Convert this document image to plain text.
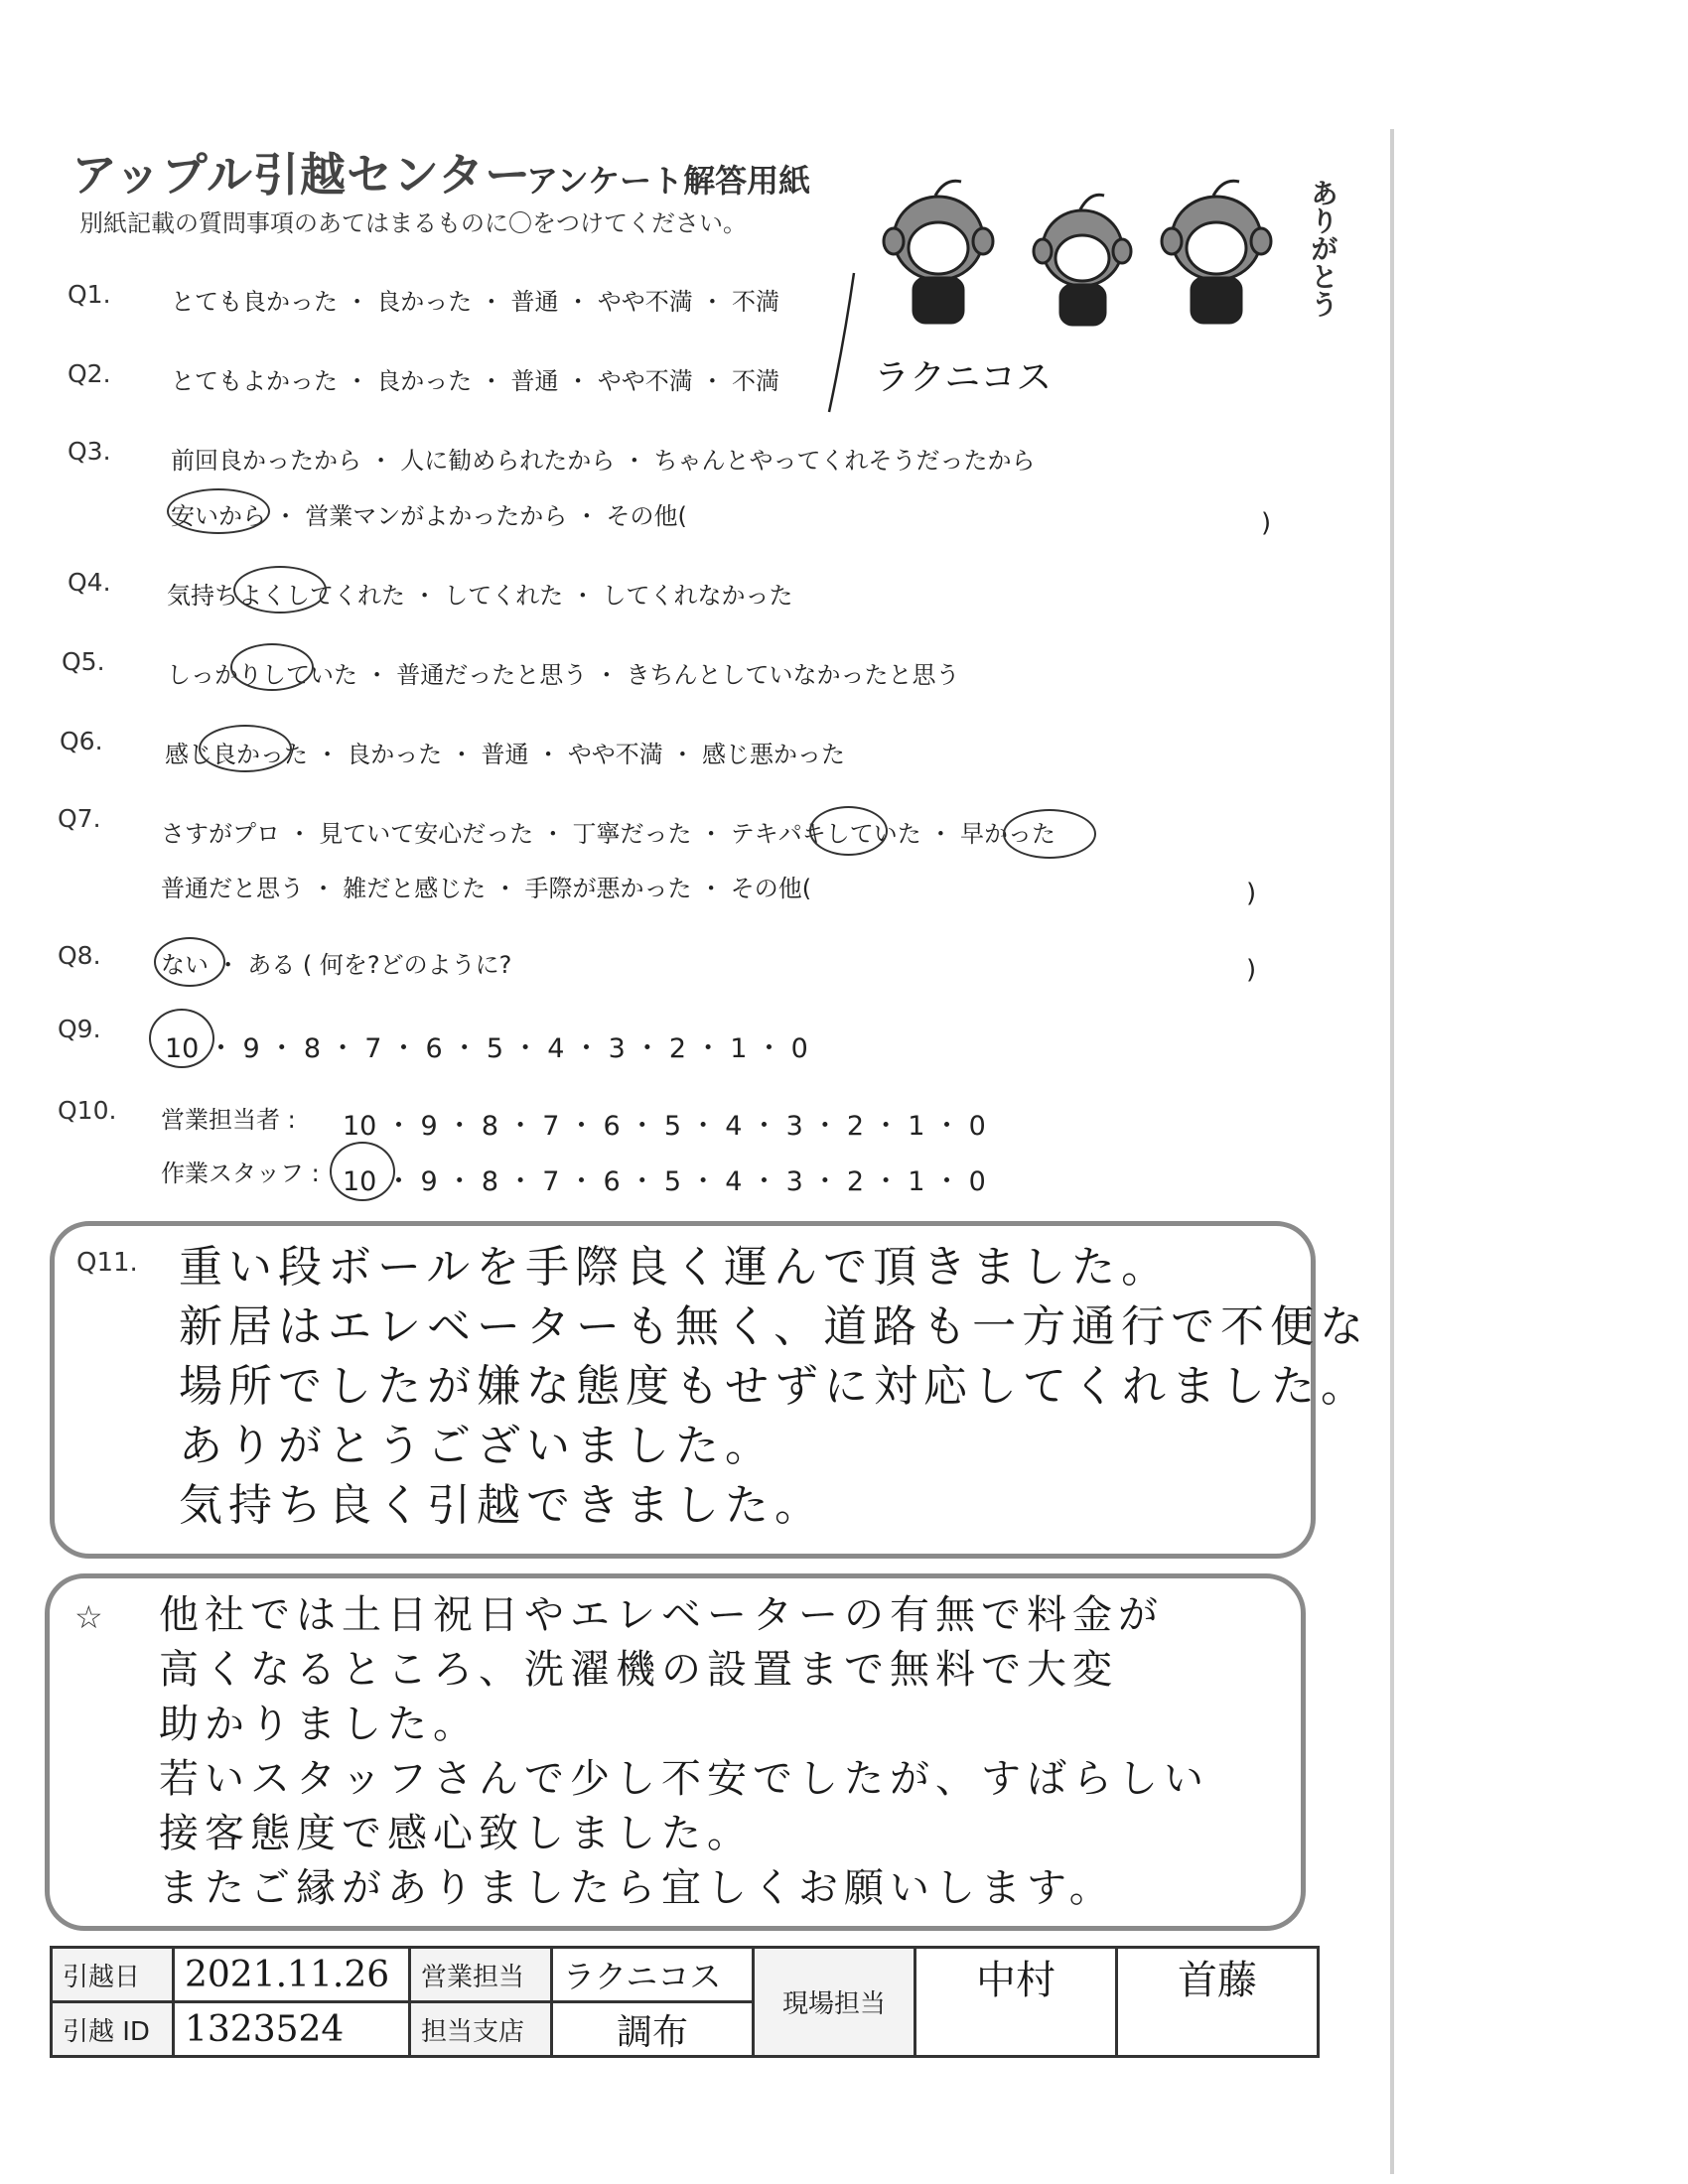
アップル引越センター
アンケート解答用紙
別紙記載の質問事項のあてはまるものに〇をつけてください。	ありがとう
Q1.	とても良かった ・ 良かった ・ 普通 ・ やや不満 ・ 不満
Q2.	とてもよかった ・ 良かった ・ 普通 ・ やや不満 ・ 不満	ラクニコス
Q3.	前回良かったから ・ 人に勧められたから ・ ちゃんとやってくれそうだったから
安いから ・ 営業マンがよかったから ・ その他(	)
Q4. 気持ちよくしてくれた ・ してくれた ・ してくれなかった
Q5.	しっかりしていた ・ 普通だったと思う ・ きちんとしていなかったと思う
Q6.	感じ良かった ・ 良かった ・ 普通 ・ やや不満 ・ 感じ悪かった
Q7.
さすがプロ ・ 見ていて安心だった ・ 丁寧だった ・ テキパキしていた ・ 早かった
普通だと思う ・ 雑だと感じた ・ 手際が悪かった ・ その他(	)
Q8.	ない ・ ある ( 何を?どのように?	)
Q9.
10 ・ 9 ・ 8 ・ 7 ・ 6 ・ 5 ・ 4 ・ 3 ・ 2 ・ 1 ・ 0
Q10. 営業担当者 : 10 ・ 9 ・ 8 ・ 7 ・ 6 ・ 5 ・ 4 ・ 3 ・ 2 ・ 1 ・ 0
作業スタッフ : 10 ・ 9 ・ 8 ・ 7 ・ 6 ・ 5 ・ 4 ・ 3 ・ 2 ・ 1 ・ 0
Q11. 重い段ボールを手際良く運んで頂きました。
新居はエレベーターも無く、道路も一方通行で不便な
場所でしたが嫌な態度もせずに対応してくれました。
ありがとうございました。
気持ち良く引越できました。
☆ 他社では土日祝日やエレベーターの有無で料金が
高くなるところ、洗濯機の設置まで無料で大変
助かりました。
若いスタッフさんで少し不安でしたが、すばらしい
接客態度で感心致しました。
またご縁がありましたら宜しくお願いします。
引越日	2021.11.26	営業担当	ラクニコス	現場担当	中村	首藤
引越 ID	1323524	担当支店	調布			
